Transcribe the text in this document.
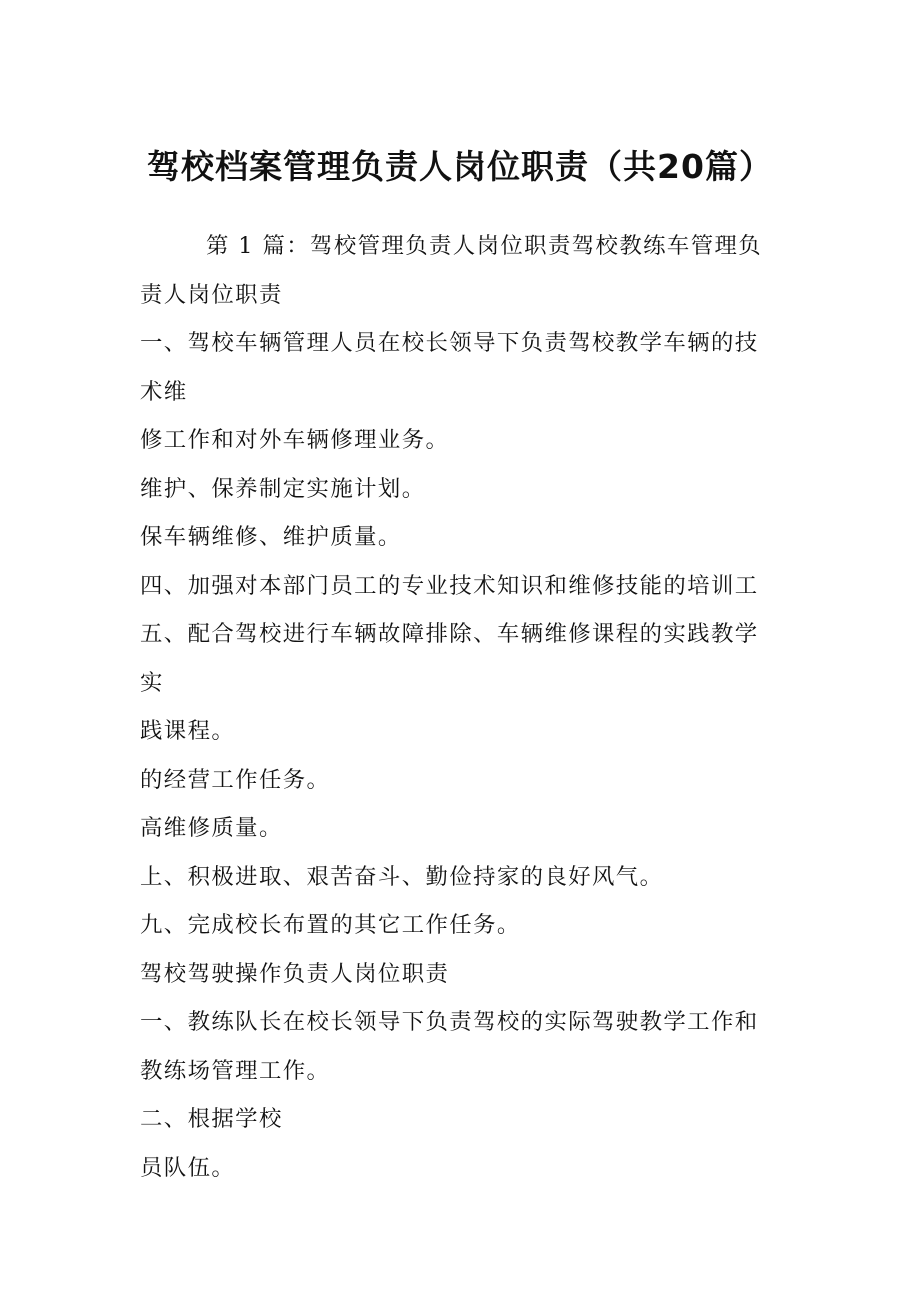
驾校档案管理负责人岗位职责（共20篇）
第 1 篇：驾校管理负责人岗位职责驾校教练车管理负
责人岗位职责
一、驾校车辆管理人员在校长领导下负责驾校教学车辆的技
术维
修工作和对外车辆修理业务。
维护、保养制定实施计划。
保车辆维修、维护质量。
四、加强对本部门员工的专业技术知识和维修技能的培训工
五、配合驾校进行车辆故障排除、车辆维修课程的实践教学
实
践课程。
的经营工作任务。
高维修质量。
上、积极进取、艰苦奋斗、勤俭持家的良好风气。
九、完成校长布置的其它工作任务。
驾校驾驶操作负责人岗位职责
一、教练队长在校长领导下负责驾校的实际驾驶教学工作和
教练场管理工作。
二、根据学校
员队伍。
